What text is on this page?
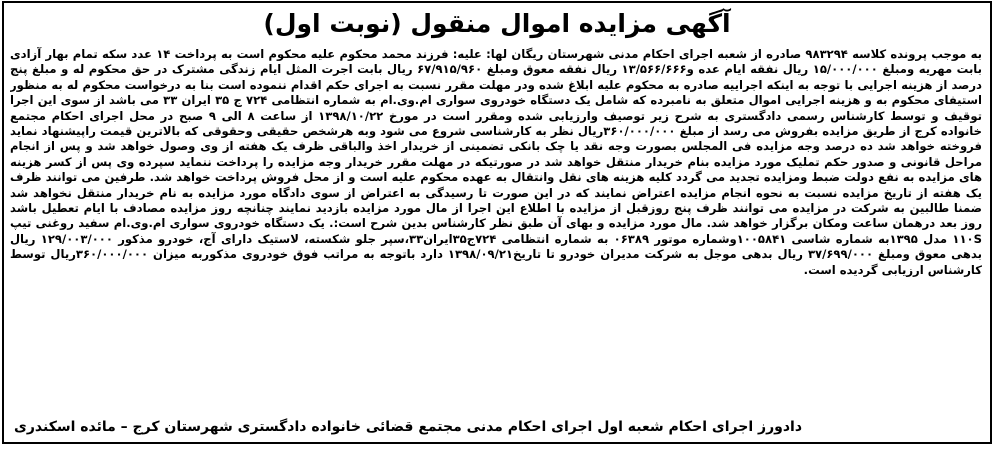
آگهی مزایده اموال منقول (نوبت اول)
به موجب پرونده کلاسه ۹۸۳۲۹۴ صادره از شعبه اجرای احکام مدنی شهرستان ریگان لها: علیه: فرزند محمد محکوم علیه محکوم است به پرداخت ۱۴ عدد سکه تمام بهار آزادی بابت مهریه ومبلغ ۱۵/۰۰۰/۰۰۰ ریال نفقه ایام عده و۱۳/۵۶۶/۶۶۶ ریال نفقه معوق ومبلغ ۶۷/۹۱۵/۹۶۰ ریال بابت اجرت المثل ایام زندگی مشترک در حق محکوم له و مبلغ پنج درصد از هزینه اجرایی با توجه به اینکه اجراییه صادره به محکوم علیه ابلاغ شده ودر مهلت مقرر نسبت به اجرای حکم اقدام ننموده است بنا به درخواست محکوم له به منظور استیفای محکوم به و هزینه اجرایی اموال متعلق به نامبرده که شامل یک دستگاه خودروی سواری ام.وی.ام به شماره انتظامی ۷۲۴ ج ۳۵ ایران ۳۳ می باشد از سوی این اجرا توقیف و توسط کارشناس رسمی دادگستری به شرح زیر توصیف وارزیابی شده ومقرر است در مورخ ۱۳۹۸/۱۰/۲۲ از ساعت ۸ الی ۹ صبح در محل اجرای احکام مجتمع خانواده کرج از طریق مزایده بفروش می رسد از مبلغ ۳۶۰/۰۰۰/۰۰۰ریال نظر به کارشناسی شروع می شود وبه هرشخص حقیقی وحقوقی که بالاترین قیمت راپیشنهاد نماید فروخته خواهد شد ده درصد وجه مزایده فی المجلس بصورت وجه نقد یا چک بانکی تضمینی از خریدار اخذ والباقی ظرف یک هفته از وی وصول خواهد شد و پس از انجام مراحل قانونی و صدور حکم تملیک مورد مزایده بنام خریدار منتقل خواهد شد در صورتیکه در مهلت مقرر خریدار وجه مزایده را پرداخت ننماید سپرده وی پس از کسر هزینه های مزایده به نفع دولت ضبط ومزایده تجدید می گردد کلیه هزینه های نقل وانتقال به عهده محکوم علیه است و از محل فروش پرداخت خواهد شد. طرفین می توانند ظرف یک هفته از تاریخ مزایده نسبت به نحوه انجام مزایده اعتراض نمایند که در این صورت تا رسیدگی به اعتراض از سوی دادگاه مورد مزایده به نام خریدار منتقل نخواهد شد ضمنا طالبین به شرکت در مزایده می توانند ظرف پنج روزقبل از مزایده با اطلاع این اجرا از مال مورد مزایده بازدید نمایند چنانچه روز مزایده مصادف با ایام تعطیل باشد روز بعد درهمان ساعت ومکان برگزار خواهد شد. مال مورد مزایده و بهای آن طبق نظر کارشناس بدین شرح است:. یک دستگاه خودروی سواری ام.وی.ام سفید روغنی تیپ ۱۱۰S مدل ۱۳۹۵به شماره شاسی ۱۰۰۵۸۴۱وشماره موتور ۰۶۳۸۹ به شماره انتظامی ۷۲۴ج۳۵ایران۳۳،سپر جلو شکسته، لاستیک دارای آج، خودرو مذکور ۱۲۹/۰۰۳/۰۰۰ ریال بدهی معوق ومبلغ ۳۷/۶۹۹/۰۰۰ ریال بدهی موجل به شرکت مدیران خودرو تا تاریخ۱۳۹۸/۰۹/۲۱ دارد باتوجه به مراتب فوق خودروی مذکوربه میزان ۳۶۰/۰۰۰/۰۰۰ریال توسط کارشناس ارزیابی گردیده است.
دادورز اجرای احکام شعبه اول اجرای احکام مدنی مجتمع قضائی خانواده دادگستری شهرستان کرج – مائده اسکندری
